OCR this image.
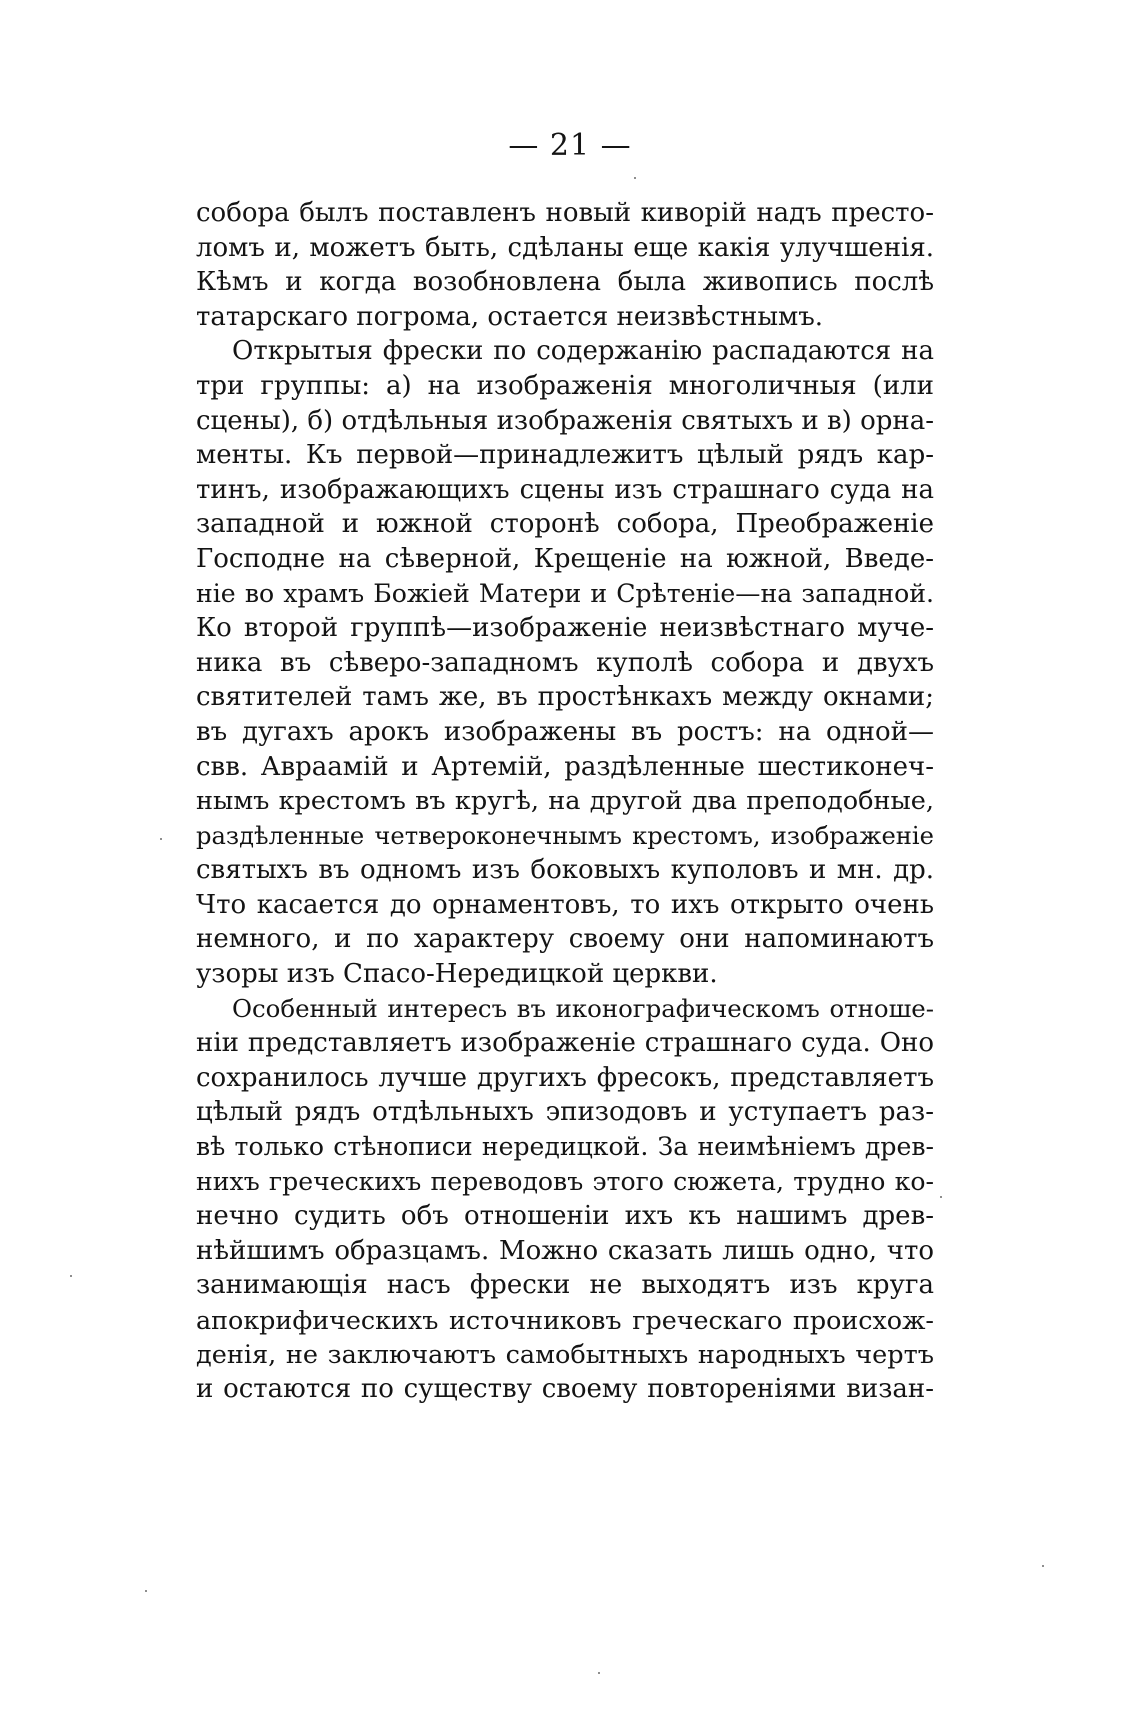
— 21 —
собора былъ поставленъ новый киворій надъ престо-
ломъ и, можетъ быть, сдѣланы еще какія улучшенія.
Кѣмъ и когда возобновлена была живопись послѣ
татарскаго погрома, остается неизвѣстнымъ.
Открытыя фрески по содержанію распадаются на
три группы: а) на изображенія многоличныя (или
сцены), б) отдѣльныя изображенія святыхъ и в) орна-
менты. Къ первой—принадлежитъ цѣлый рядъ кар-
тинъ, изображающихъ сцены изъ страшнаго суда на
западной и южной сторонѣ собора, Преображеніе
Господне на сѣверной, Крещеніе на южной, Введе-
ніе во храмъ Божіей Матери и Срѣтеніе—на западной.
Ко второй группѣ—изображеніе неизвѣстнаго муче-
ника въ сѣверо-западномъ куполѣ собора и двухъ
святителей тамъ же, въ простѣнкахъ между окнами;
въ дугахъ арокъ изображены въ ростъ: на одной—
свв. Авраамій и Артемій, раздѣленные шестиконеч-
нымъ крестомъ въ кругѣ, на другой два преподобные,
раздѣленные четвероконечнымъ крестомъ, изображеніе
святыхъ въ одномъ изъ боковыхъ куполовъ и мн. др.
Что касается до орнаментовъ, то ихъ открыто очень
немного, и по характеру своему они напоминаютъ
узоры изъ Спасо-Нередицкой церкви.
Особенный интересъ въ иконографическомъ отноше-
ніи представляетъ изображеніе страшнаго суда. Оно
сохранилось лучше другихъ фресокъ, представляетъ
цѣлый рядъ отдѣльныхъ эпизодовъ и уступаетъ раз-
вѣ только стѣнописи нередицкой. За неимѣніемъ древ-
нихъ греческихъ переводовъ этого сюжета, трудно ко-
нечно судить объ отношеніи ихъ къ нашимъ древ-
нѣйшимъ образцамъ. Можно сказать лишь одно, что
занимающія насъ фрески не выходятъ изъ круга
апокрифическихъ источниковъ греческаго происхож-
денія, не заключаютъ самобытныхъ народныхъ чертъ
и остаются по существу своему повтореніями визан-
